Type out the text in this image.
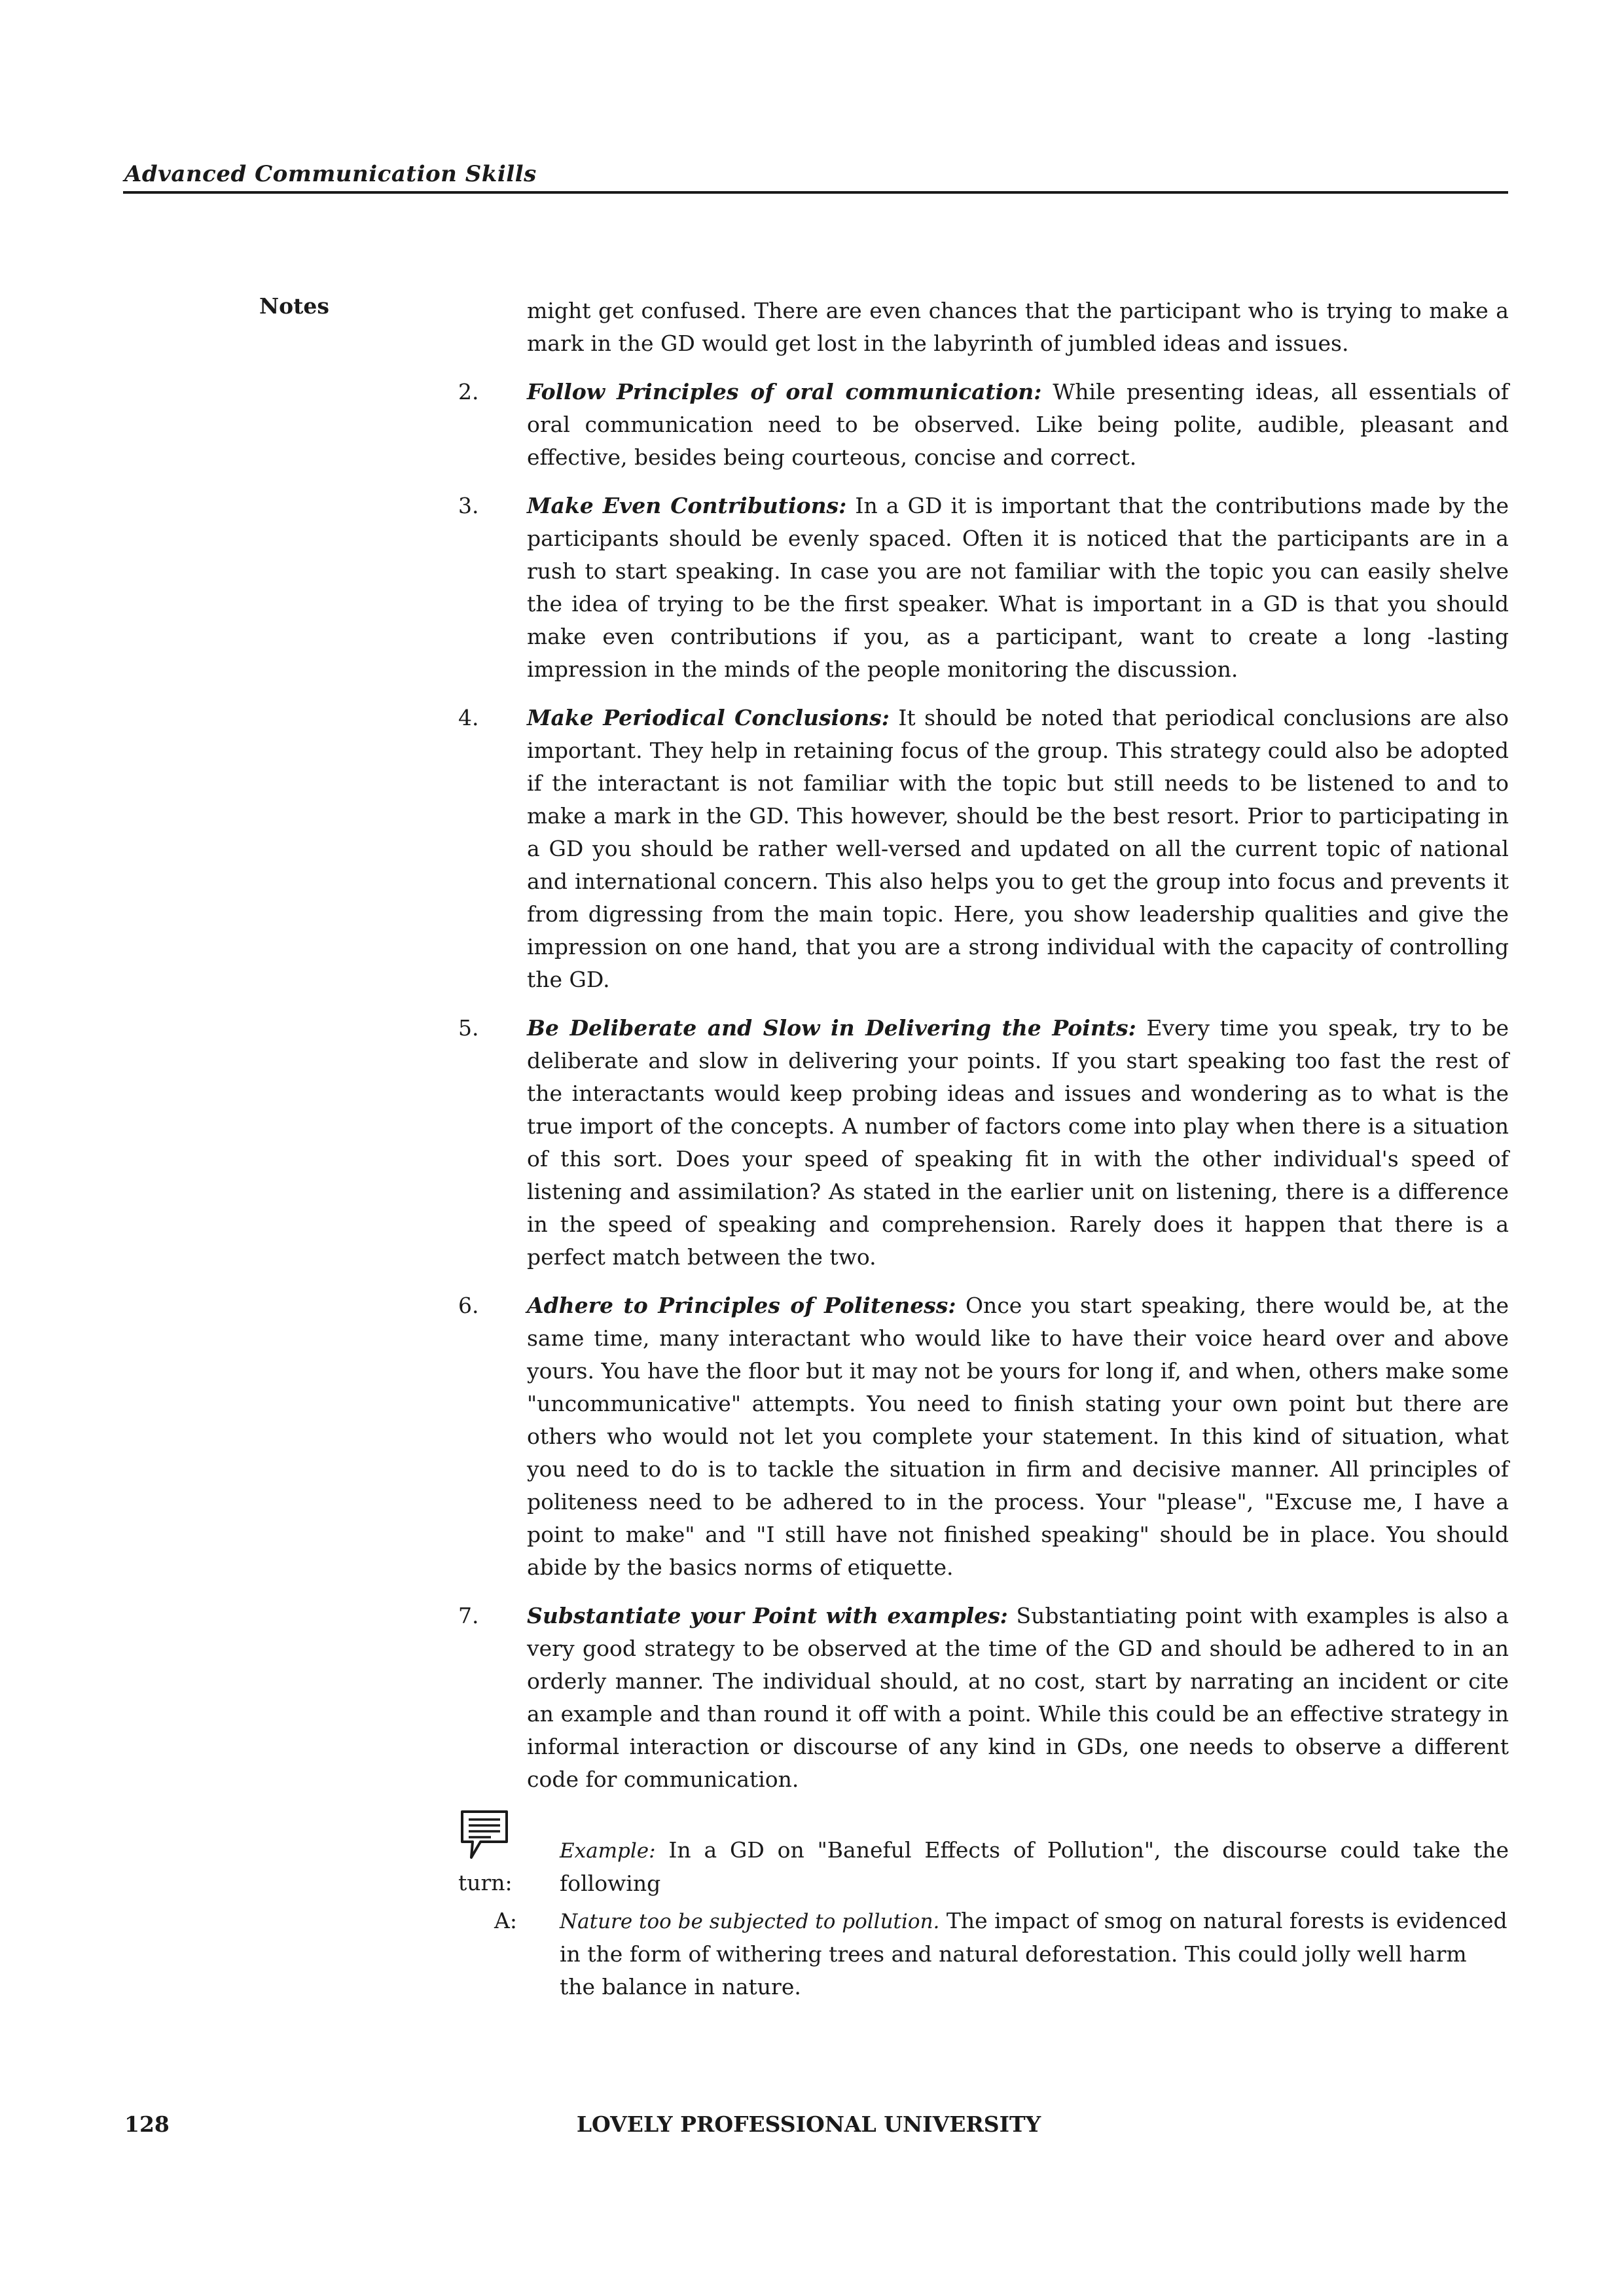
Advanced Communication Skills
Notes	might get confused. There are even chances that the participant who is trying to make a mark in the GD would get lost in the labyrinth of jumbled ideas and issues.

2. Follow Principles of oral communication: While presenting ideas, all essentials of oral communication need to be observed. Like being polite, audible, pleasant and effective, besides being courteous, concise and correct.
3. Make Even Contributions: In a GD it is important that the contributions made by the participants should be evenly spaced. Often it is noticed that the participants are in a rush to start speaking. In case you are not familiar with the topic you can easily shelve the idea of trying to be the first speaker. What is important in a GD is that you should make even contributions if you, as a participant, want to create a long -lasting impression in the minds of the people monitoring the discussion.
4. Make Periodical Conclusions: It should be noted that periodical conclusions are also important. They help in retaining focus of the group. This strategy could also be adopted if the interactant is not familiar with the topic but still needs to be listened to and to make a mark in the GD. This however, should be the best resort. Prior to participating in a GD you should be rather well-versed and updated on all the current topic of national and international concern. This also helps you to get the group into focus and prevents it from digressing from the main topic. Here, you show leadership qualities and give the impression on one hand, that you are a strong individual with the capacity of controlling the GD.
5. Be Deliberate and Slow in Delivering the Points: Every time you speak, try to be deliberate and slow in delivering your points. If you start speaking too fast the rest of the interactants would keep probing ideas and issues and wondering as to what is the true import of the concepts. A number of factors come into play when there is a situation of this sort. Does your speed of speaking fit in with the other individual's speed of listening and assimilation? As stated in the earlier unit on listening, there is a difference in the speed of speaking and comprehension. Rarely does it happen that there is a perfect match between the two.
6. Adhere to Principles of Politeness: Once you start speaking, there would be, at the same time, many interactant who would like to have their voice heard over and above yours. You have the floor but it may not be yours for long if, and when, others make some "uncommunicative" attempts. You need to finish stating your own point but there are others who would not let you complete your statement. In this kind of situation, what you need to do is to tackle the situation in firm and decisive manner. All principles of politeness need to be adhered to in the process. Your "please", "Excuse me, I have a point to make" and "I still have not finished speaking" should be in place. You should abide by the basics norms of etiquette.
7. Substantiate your Point with examples: Substantiating point with examples is also a very good strategy to be observed at the time of the GD and should be adhered to in an orderly manner. The individual should, at no cost, start by narrating an incident or cite an example and than round it off with a point. While this could be an effective strategy in informal interaction or discourse of any kind in GDs, one needs to observe a different code for communication.
Example: In a GD on "Baneful Effects of Pollution", the discourse could take the following
turn:
A: Nature too be subjected to pollution. The impact of smog on natural forests is evidenced in the form of withering trees and natural deforestation. This could jolly well harm the balance in nature.
128	LOVELY PROFESSIONAL UNIVERSITY
